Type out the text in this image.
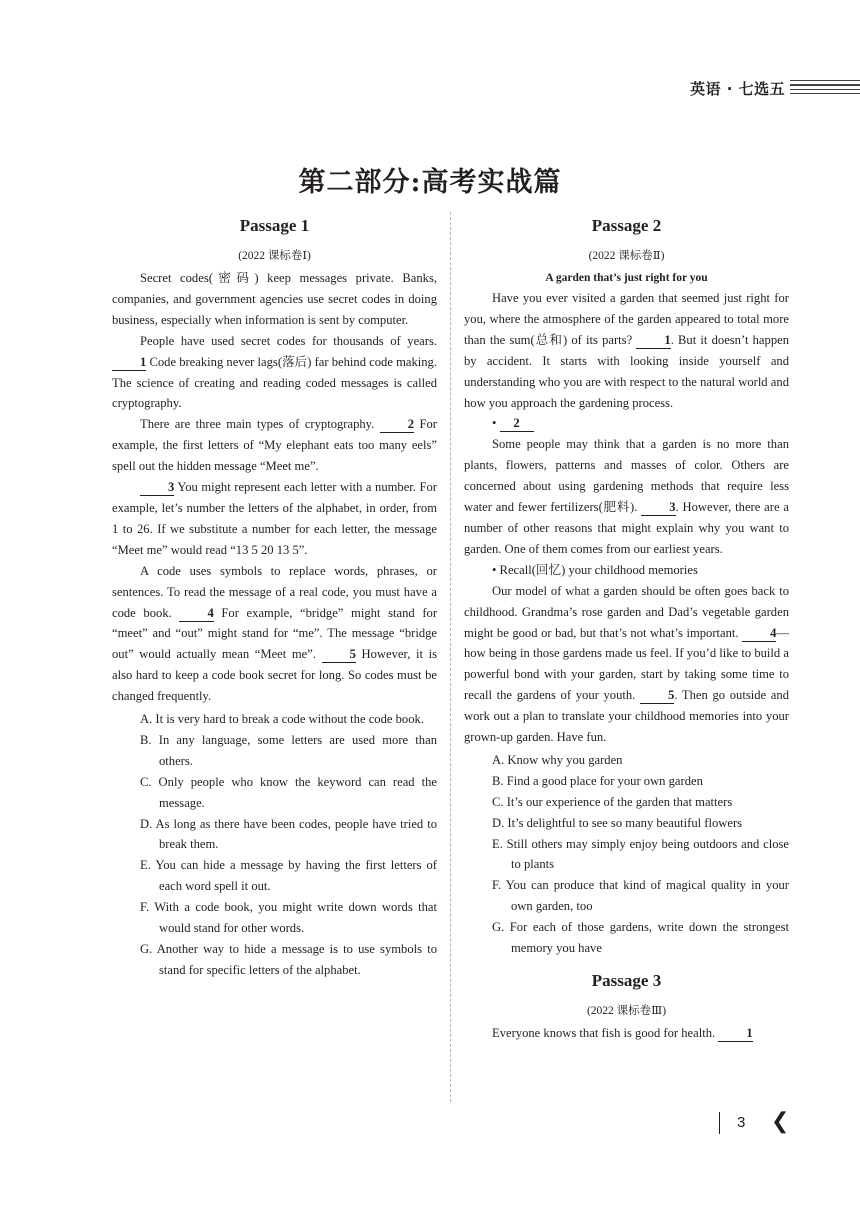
英语 · 七选五
第二部分:高考实战篇

Passage 1

(2022 课标卷Ⅰ)

Secret codes(密码) keep messages private. Banks, companies, and government agencies use secret codes in doing business, especially when information is sent by computer.

People have used secret codes for thousands of years. 1 Code breaking never lags(落后) far behind code making. The science of creating and reading coded messages is called cryptography.

There are three main types of cryptography.	2 For example, the first letters of “My elephant eats too many eels” spell out the hidden message “Meet me”.

3 You might represent each letter with a number. For example, let’s number the letters of the alphabet, in order, from 1 to 26. If we substitute a number for each letter, the message “Meet me” would read “13 5 20 13 5”.

A code uses symbols to replace words, phrases, or sentences. To read the message of a real code, you must have a code book.	4 For example, “bridge” might stand for “meet” and “out” might stand for “me”. The message “bridge out” would actually mean “Meet me”.	5 However, it is also hard to keep a code book secret for long. So codes must be changed frequently.

A. It is very hard to break a code without the code book.

B. In any language, some letters are used more than others.

C. Only people who know the keyword can read the message.

D. As long as there have been codes, people have tried to break them.

E. You can hide a message by having the first letters of each word spell it out.

F. With a code book, you might write down words that would stand for other words.

G. Another way to hide a message is to use symbols to stand for specific letters of the alphabet.

Passage 2

(2022 课标卷Ⅱ)

A garden that’s just right for you

Have you ever visited a garden that seemed just right for you, where the atmosphere of the garden appeared to total more than the sum(总和) of its parts?	1. But it doesn’t happen by accident. It starts with looking inside yourself and understanding who you are with respect to the natural world and how you approach the gardening process.

• 2

Some people may think that a garden is no more than plants, flowers, patterns and masses of color. Others are concerned about using gardening methods that require less water and fewer fertilizers(肥料).	3. However, there are a number of other reasons that might explain why you want to garden. One of them comes from our earliest years.

• Recall(回忆) your childhood memories

Our model of what a garden should be often goes back to childhood. Grandma’s rose garden and Dad’s vegetable garden might be good or bad, but that’s not what’s important.	4—how being in those gardens made us feel. If you’d like to build a powerful bond with your garden, start by taking some time to recall the gardens of your youth.	5. Then go outside and work out a plan to translate your childhood memories into your grown-up garden. Have fun.

A. Know why you garden

B. Find a good place for your own garden

C. It’s our experience of the garden that matters

D. It’s delightful to see so many beautiful flowers

E. Still others may simply enjoy being outdoors and close to plants

F. You can produce that kind of magical quality in your own garden, too

G. For each of those gardens, write down the strongest memory you have

Passage 3

(2022 课标卷Ⅲ)

Everyone knows that fish is good for health. 1

3 ❮
